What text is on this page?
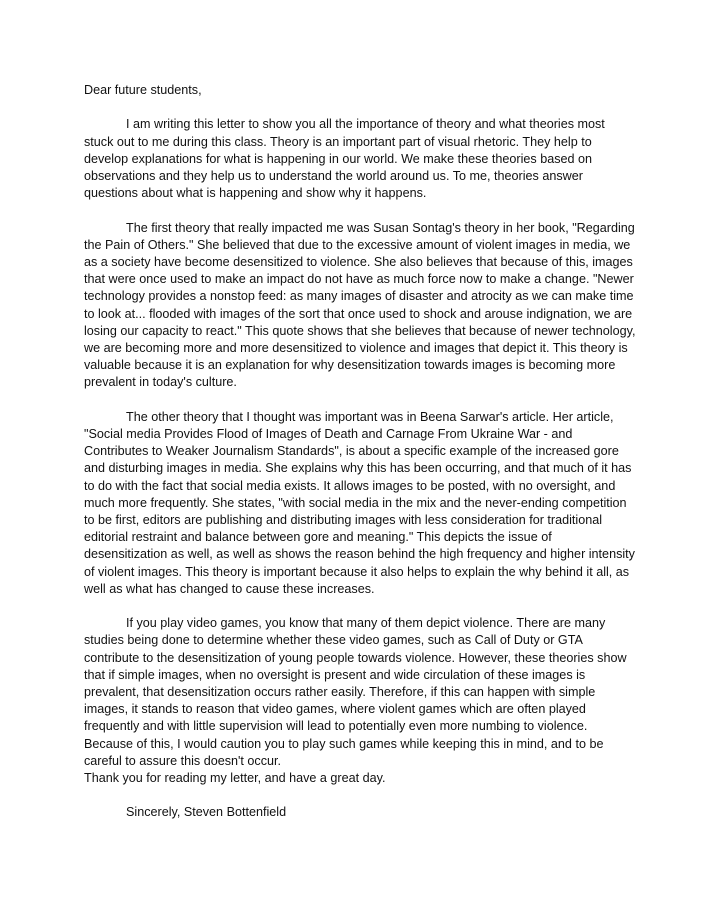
Dear future students,

I am writing this letter to show you all the importance of theory and what theories most stuck out to me during this class. Theory is an important part of visual rhetoric. They help to develop explanations for what is happening in our world. We make these theories based on observations and they help us to understand the world around us. To me, theories answer questions about what is happening and show why it happens.

The first theory that really impacted me was Susan Sontag's theory in her book, "Regarding the Pain of Others." She believed that due to the excessive amount of violent images in media, we as a society have become desensitized to violence. She also believes that because of this, images that were once used to make an impact do not have as much force now to make a change. "Newer technology provides a nonstop feed: as many images of disaster and atrocity as we can make time to look at... flooded with images of the sort that once used to shock and arouse indignation, we are losing our capacity to react." This quote shows that she believes that because of newer technology, we are becoming more and more desensitized to violence and images that depict it. This theory is valuable because it is an explanation for why desensitization towards images is becoming more prevalent in today's culture.

The other theory that I thought was important was in Beena Sarwar's article. Her article, "Social media Provides Flood of Images of Death and Carnage From Ukraine War - and Contributes to Weaker Journalism Standards", is about a specific example of the increased gore and disturbing images in media. She explains why this has been occurring, and that much of it has to do with the fact that social media exists. It allows images to be posted, with no oversight, and much more frequently. She states, "with social media in the mix and the never-ending competition to be first, editors are publishing and distributing images with less consideration for traditional editorial restraint and balance between gore and meaning." This depicts the issue of desensitization as well, as well as shows the reason behind the high frequency and higher intensity of violent images. This theory is important because it also helps to explain the why behind it all, as well as what has changed to cause these increases.

If you play video games, you know that many of them depict violence. There are many studies being done to determine whether these video games, such as Call of Duty or GTA contribute to the desensitization of young people towards violence. However, these theories show that if simple images, when no oversight is present and wide circulation of these images is prevalent, that desensitization occurs rather easily. Therefore, if this can happen with simple images, it stands to reason that video games, where violent games which are often played frequently and with little supervision will lead to potentially even more numbing to violence. Because of this, I would caution you to play such games while keeping this in mind, and to be careful to assure this doesn't occur.

Thank you for reading my letter, and have a great day.

Sincerely, Steven Bottenfield
